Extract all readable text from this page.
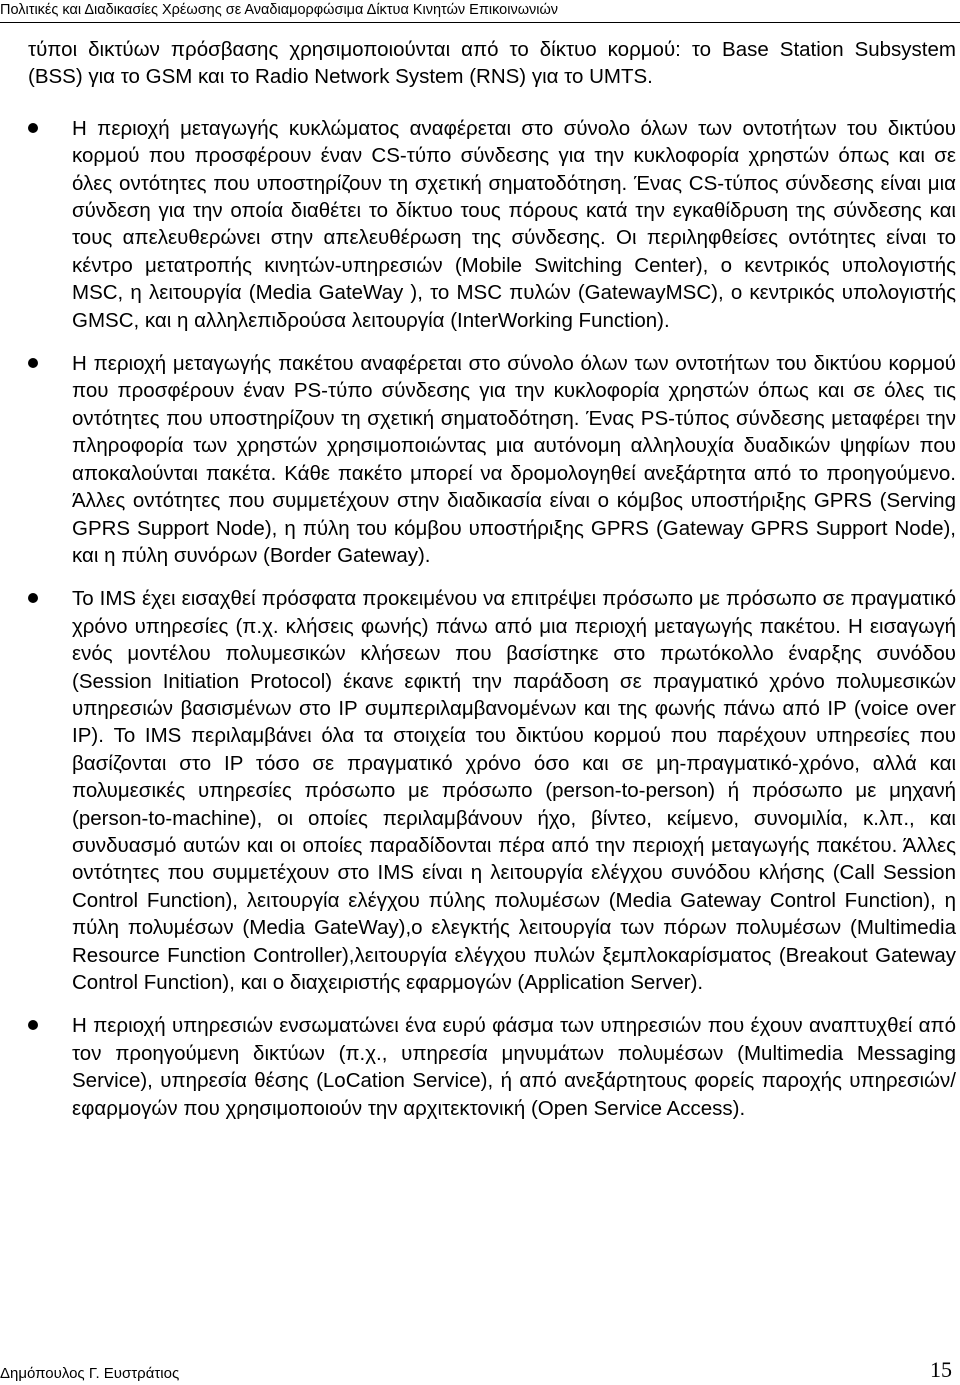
Πολιτικές και Διαδικασίες Χρέωσης σε Αναδιαμορφώσιμα Δίκτυα Κινητών Επικοινωνιών

τύποι δικτύων πρόσβασης χρησιμοποιούνται από το δίκτυο κορμού: το Base Station Subsystem (BSS) για το GSM και το Radio Network System (RNS) για το UMTS.

Η περιοχή μεταγωγής κυκλώματος αναφέρεται στο σύνολο όλων των οντοτήτων του δικτύου κορμού που προσφέρουν έναν CS-τύπο σύνδεσης για την κυκλοφορία χρηστών όπως και σε όλες οντότητες που υποστηρίζουν τη σχετική σηματοδότηση. Ένας CS-τύπος σύνδεσης είναι μια σύνδεση για την οποία διαθέτει το δίκτυο τους πόρους κατά την εγκαθίδρυση της σύνδεσης και τους απελευθερώνει στην απελευθέρωση της σύνδεσης. Οι περιληφθείσες οντότητες είναι το κέντρο μετατροπής κινητών-υπηρεσιών (Mobile Switching Center), ο κεντρικός υπολογιστής MSC, η λειτουργία (Media GateWay ), το MSC πυλών (GatewayMSC), ο κεντρικός υπολογιστής GMSC, και η αλληλεπιδρούσα λειτουργία (InterWorking Function).
Η περιοχή μεταγωγής πακέτου αναφέρεται στο σύνολο όλων των οντοτήτων του δικτύου κορμού που προσφέρουν έναν PS-τύπο σύνδεσης για την κυκλοφορία χρηστών όπως και σε όλες τις οντότητες που υποστηρίζουν τη σχετική σηματοδότηση. Ένας PS-τύπος σύνδεσης μεταφέρει την πληροφορία των χρηστών χρησιμοποιώντας μια αυτόνομη αλληλουχία δυαδικών ψηφίων που αποκαλούνται πακέτα. Κάθε πακέτο μπορεί να δρομολογηθεί ανεξάρτητα από το προηγούμενο. Άλλες οντότητες που συμμετέχουν στην διαδικασία είναι ο κόμβος υποστήριξης GPRS (Serving GPRS Support Node), η πύλη του κόμβου υποστήριξης GPRS (Gateway GPRS Support Node), και η πύλη συνόρων (Border Gateway).
Το IMS έχει εισαχθεί πρόσφατα προκειμένου να επιτρέψει πρόσωπο με πρόσωπο σε πραγματικό χρόνο υπηρεσίες (π.χ. κλήσεις φωνής) πάνω από μια περιοχή μεταγωγής πακέτου. Η εισαγωγή ενός μοντέλου πολυμεσικών κλήσεων που βασίστηκε στο πρωτόκολλο έναρξης συνόδου (Session Initiation Protocol) έκανε εφικτή την παράδοση σε πραγματικό χρόνο πολυμεσικών υπηρεσιών βασισμένων στο IP συμπεριλαμβανομένων και της φωνής πάνω από IP (voice over IP). Το IMS περιλαμβάνει όλα τα στοιχεία του δικτύου κορμού που παρέχουν υπηρεσίες που βασίζονται στο IP τόσο σε πραγματικό χρόνο όσο και σε μη-πραγματικό-χρόνο, αλλά και πολυμεσικές υπηρεσίες πρόσωπο με πρόσωπο (person-to-person) ή πρόσωπο με μηχανή (person-to-machine), οι οποίες περιλαμβάνουν ήχο, βίντεο, κείμενο, συνομιλία, κ.λπ., και συνδυασμό αυτών και οι οποίες παραδίδονται πέρα από την περιοχή μεταγωγής πακέτου. Άλλες οντότητες που συμμετέχουν στο IMS είναι η λειτουργία ελέγχου συνόδου κλήσης (Call Session Control Function), λειτουργία ελέγχου πύλης πολυμέσων (Media Gateway Control Function), η πύλη πολυμέσων (Media GateWay),ο ελεγκτής λειτουργία των πόρων πολυμέσων (Multimedia Resource Function Controller),λειτουργία ελέγχου πυλών ξεμπλοκαρίσματος (Breakout Gateway Control Function), και ο διαχειριστής εφαρμογών (Application Server).
Η περιοχή υπηρεσιών ενσωματώνει ένα ευρύ φάσμα των υπηρεσιών που έχουν αναπτυχθεί από τον προηγούμενη δικτύων (π.χ., υπηρεσία μηνυμάτων πολυμέσων (Multimedia Messaging Service), υπηρεσία θέσης (LoCation Service), ή από ανεξάρτητους φορείς παροχής υπηρεσιών/ εφαρμογών που χρησιμοποιούν την αρχιτεκτονική (Open Service Access).
Δημόπουλος Γ. Ευστράτιος	15
